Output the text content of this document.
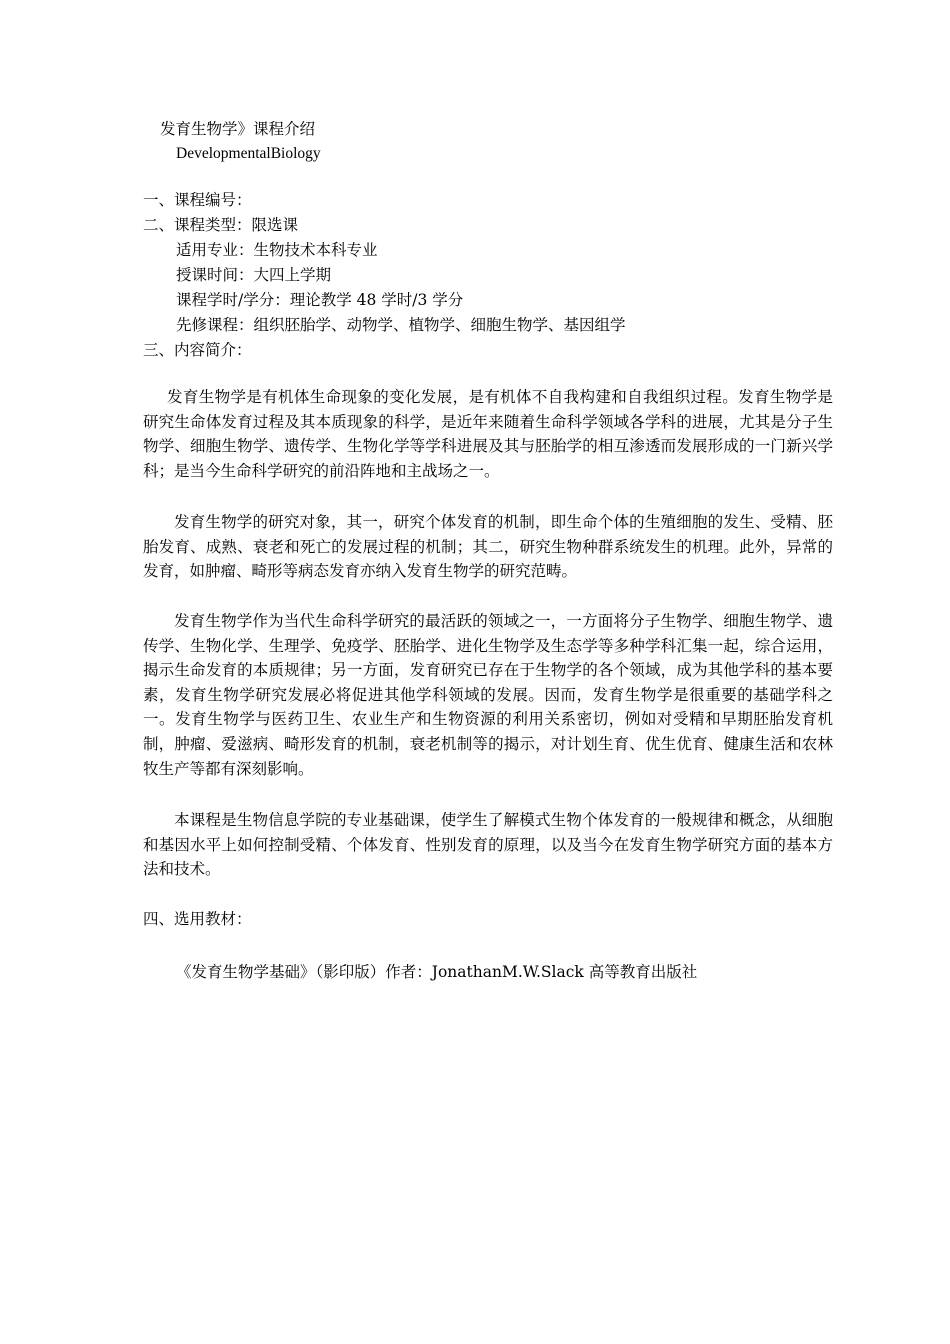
发育生物学》课程介绍
DevelopmentalBiology
一、课程编号：
二、课程类型：限选课
适用专业：生物技术本科专业
授课时间：大四上学期
课程学时/学分：理论教学 48 学时/3 学分
先修课程：组织胚胎学、动物学、植物学、细胞生物学、基因组学
三、内容简介：
发育生物学是有机体生命现象的变化发展，是有机体不自我构建和自我组织过程。发育生物学是研究生命体发育过程及其本质现象的科学，是近年来随着生命科学领域各学科的进展，尤其是分子生物学、细胞生物学、遗传学、生物化学等学科进展及其与胚胎学的相互渗透而发展形成的一门新兴学科；是当今生命科学研究的前沿阵地和主战场之一。
发育生物学的研究对象，其一，研究个体发育的机制，即生命个体的生殖细胞的发生、受精、胚胎发育、成熟、衰老和死亡的发展过程的机制；其二，研究生物种群系统发生的机理。此外，异常的发育，如肿瘤、畸形等病态发育亦纳入发育生物学的研究范畴。
发育生物学作为当代生命科学研究的最活跃的领域之一，一方面将分子生物学、细胞生物学、遗传学、生物化学、生理学、免疫学、胚胎学、进化生物学及生态学等多种学科汇集一起，综合运用，揭示生命发育的本质规律；另一方面，发育研究已存在于生物学的各个领域，成为其他学科的基本要素，发育生物学研究发展必将促进其他学科领域的发展。因而，发育生物学是很重要的基础学科之一。发育生物学与医药卫生、农业生产和生物资源的利用关系密切，例如对受精和早期胚胎发育机制，肿瘤、爱滋病、畸形发育的机制，衰老机制等的揭示，对计划生育、优生优育、健康生活和农林牧生产等都有深刻影响。
本课程是生物信息学院的专业基础课，使学生了解模式生物个体发育的一般规律和概念，从细胞和基因水平上如何控制受精、个体发育、性别发育的原理，以及当今在发育生物学研究方面的基本方法和技术。
四、选用教材：
《发育生物学基础》（影印版）作者：JonathanM.W.Slack 高等教育出版社
